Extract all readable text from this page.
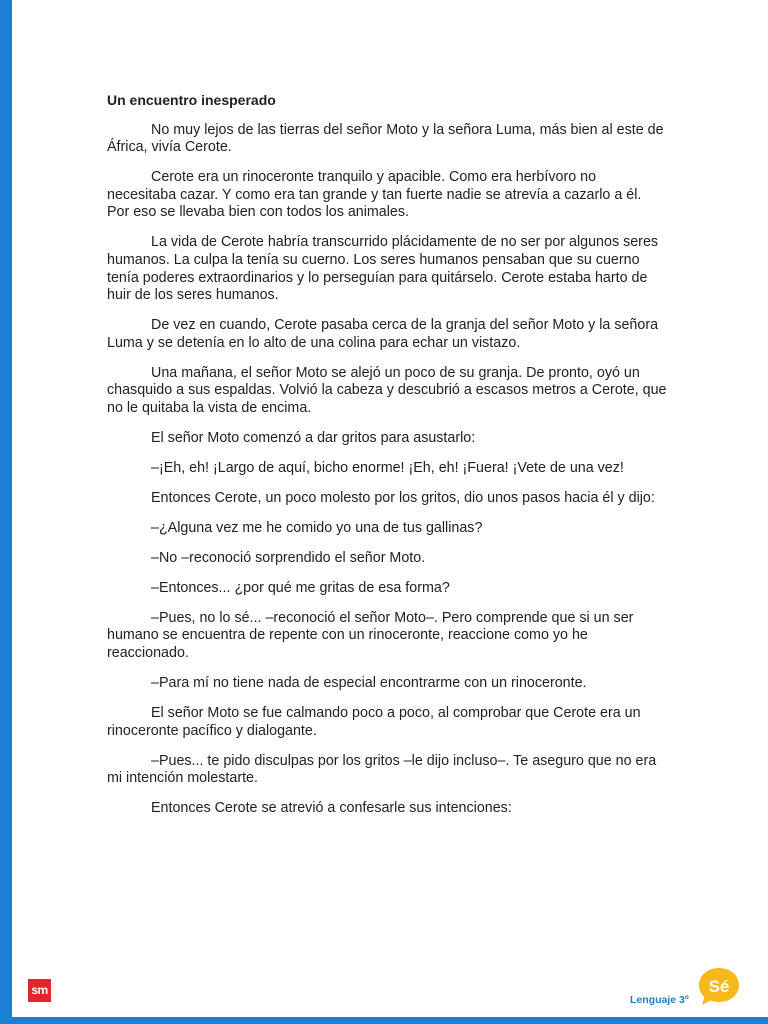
Un encuentro inesperado

No muy lejos de las tierras del señor Moto y la señora Luma, más bien al este de África, vivía Cerote.

Cerote era un rinoceronte tranquilo y apacible. Como era herbívoro no necesitaba cazar. Y como era tan grande y tan fuerte nadie se atrevía a cazarlo a él. Por eso se llevaba bien con todos los animales.

La vida de Cerote habría transcurrido plácidamente de no ser por algunos seres humanos. La culpa la tenía su cuerno. Los seres humanos pensaban que su cuerno tenía poderes extraordinarios y lo perseguían para quitárselo. Cerote estaba harto de huir de los seres humanos.

De vez en cuando, Cerote pasaba cerca de la granja del señor Moto y la señora Luma y se detenía en lo alto de una colina para echar un vistazo.

Una mañana, el señor Moto se alejó un poco de su granja. De pronto, oyó un chasquido a sus espaldas. Volvió la cabeza y descubrió a escasos metros a Cerote, que no le quitaba la vista de encima.

El señor Moto comenzó a dar gritos para asustarlo:

–¡Eh, eh! ¡Largo de aquí, bicho enorme! ¡Eh, eh! ¡Fuera! ¡Vete de una vez!

Entonces Cerote, un poco molesto por los gritos, dio unos pasos hacia él y dijo:

–¿Alguna vez me he comido yo una de tus gallinas?

–No –reconoció sorprendido el señor Moto.

–Entonces... ¿por qué me gritas de esa forma?

–Pues, no lo sé... –reconoció el señor Moto–. Pero comprende que si un ser humano se encuentra de repente con un rinoceronte, reaccione como yo he reaccionado.

–Para mí no tiene nada de especial encontrarme con un rinoceronte.

El señor Moto se fue calmando poco a poco, al comprobar que Cerote era un rinoceronte pacífico y dialogante.

–Pues... te pido disculpas por los gritos –le dijo incluso–. Te aseguro que no era mi intención molestarte.

Entonces Cerote se atrevió a confesarle sus intenciones:

sm
Lenguaje 3º
Sé
